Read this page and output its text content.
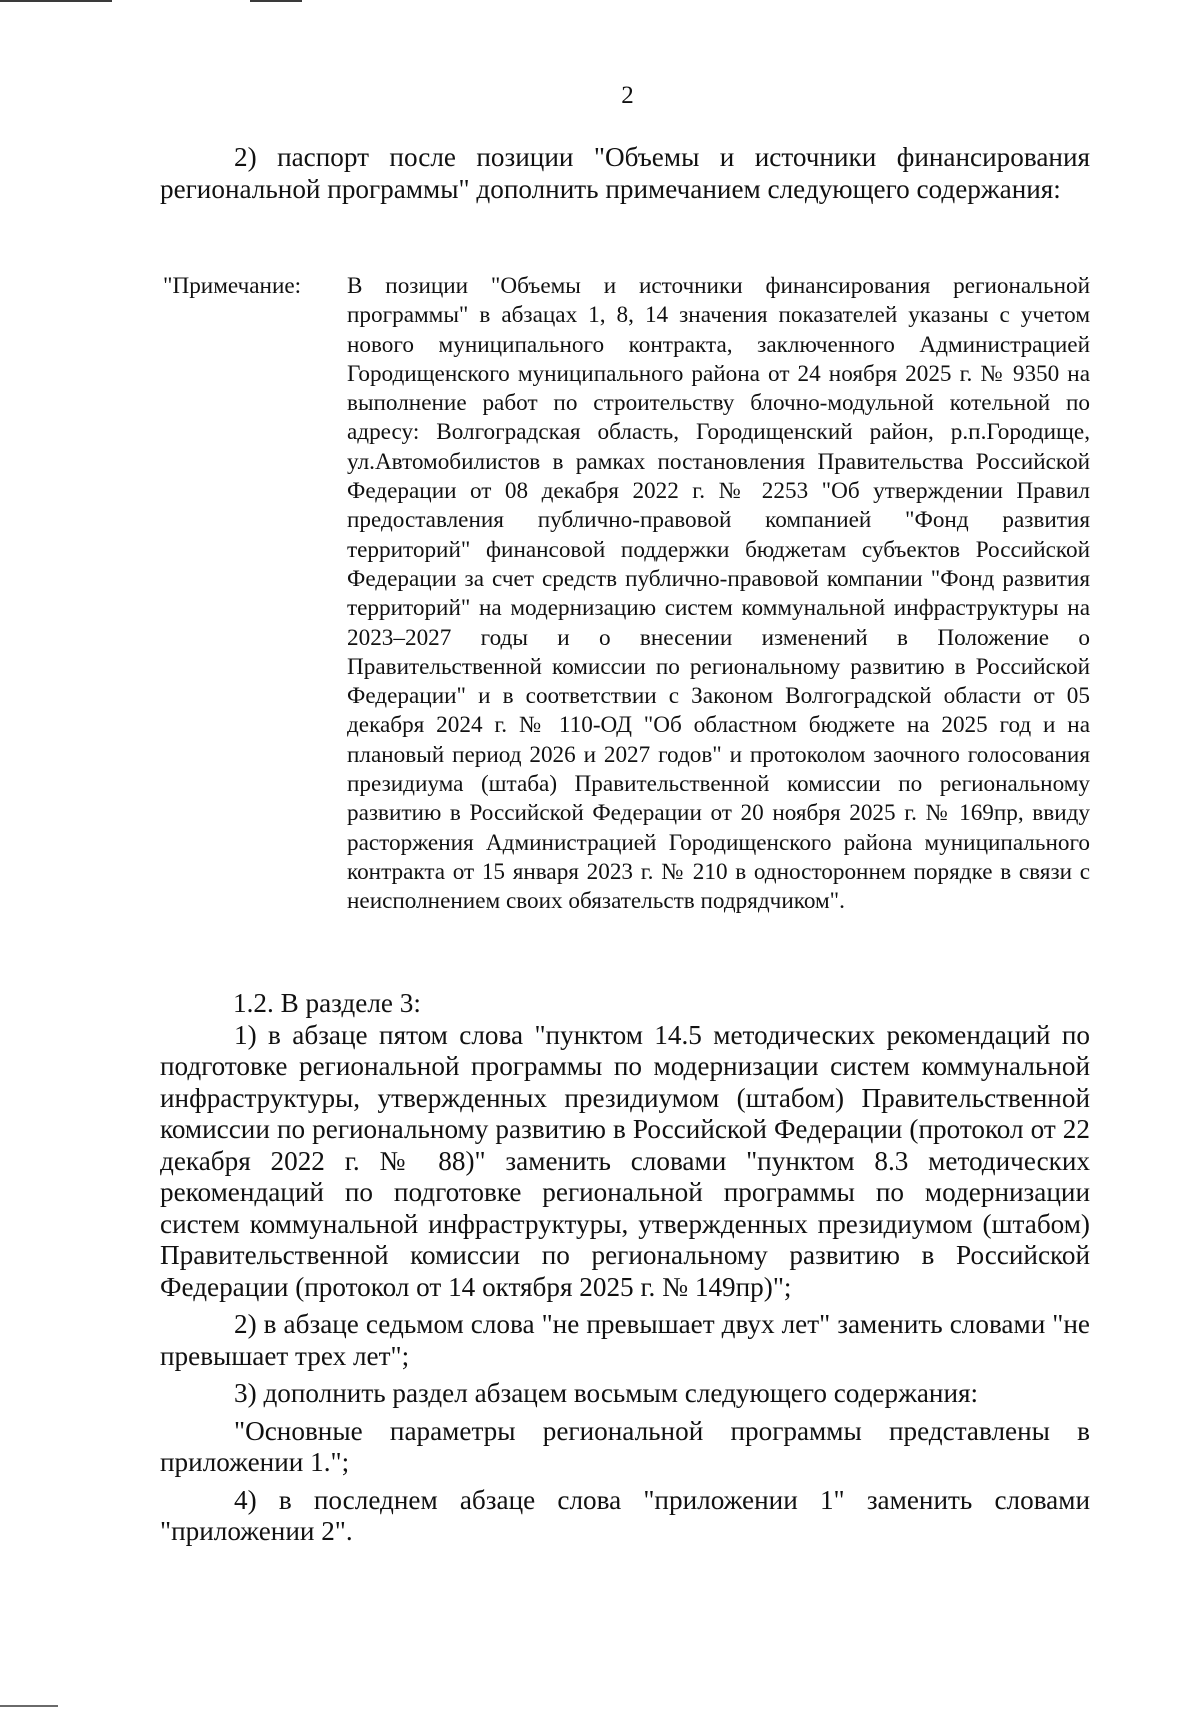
2

2) паспорт после позиции "Объемы и источники финансирования региональной программы" дополнить примечанием следующего содержания:

"Примечание: В позиции "Объемы и источники финансирования региональной программы" в абзацах 1, 8, 14 значения показателей указаны с учетом нового муниципального контракта, заключенного Администрацией Городищенского муниципального района от 24 ноября 2025 г. № 9350 на выполнение работ по строительству блочно-модульной котельной по адресу: Волгоградская область, Городищенский район, р.п.Городище, ул.Автомобилистов в рамках постановления Правительства Российской Федерации от 08 декабря 2022 г. № 2253 "Об утверждении Правил предоставления публично-правовой компанией "Фонд развития территорий" финансовой поддержки бюджетам субъектов Российской Федерации за счет средств публично-правовой компании "Фонд развития территорий" на модернизацию систем коммунальной инфраструктуры на 2023–2027 годы и о внесении изменений в Положение о Правительственной комиссии по региональному развитию в Российской Федерации" и в соответствии с Законом Волгоградской области от 05 декабря 2024 г. № 110-ОД "Об областном бюджете на 2025 год и на плановый период 2026 и 2027 годов" и протоколом заочного голосования президиума (штаба) Правительственной комиссии по региональному развитию в Российской Федерации от 20 ноября 2025 г. № 169пр, ввиду расторжения Администрацией Городищенского района муниципального контракта от 15 января 2023 г. № 210 в одностороннем порядке в связи с неисполнением своих обязательств подрядчиком".

1.2. В разделе 3:

1) в абзаце пятом слова "пунктом 14.5 методических рекомендаций по подготовке региональной программы по модернизации систем коммунальной инфраструктуры, утвержденных президиумом (штабом) Правительственной комиссии по региональному развитию в Российской Федерации (протокол от 22 декабря 2022 г. № 88)" заменить словами "пунктом 8.3 методических рекомендаций по подготовке региональной программы по модернизации систем коммунальной инфраструктуры, утвержденных президиумом (штабом) Правительственной комиссии по региональному развитию в Российской Федерации (протокол от 14 октября 2025 г. № 149пр)";

2) в абзаце седьмом слова "не превышает двух лет" заменить словами "не превышает трех лет";

3) дополнить раздел абзацем восьмым следующего содержания:

"Основные параметры региональной программы представлены в приложении 1.";

4) в последнем абзаце слова "приложении 1" заменить словами "приложении 2".
